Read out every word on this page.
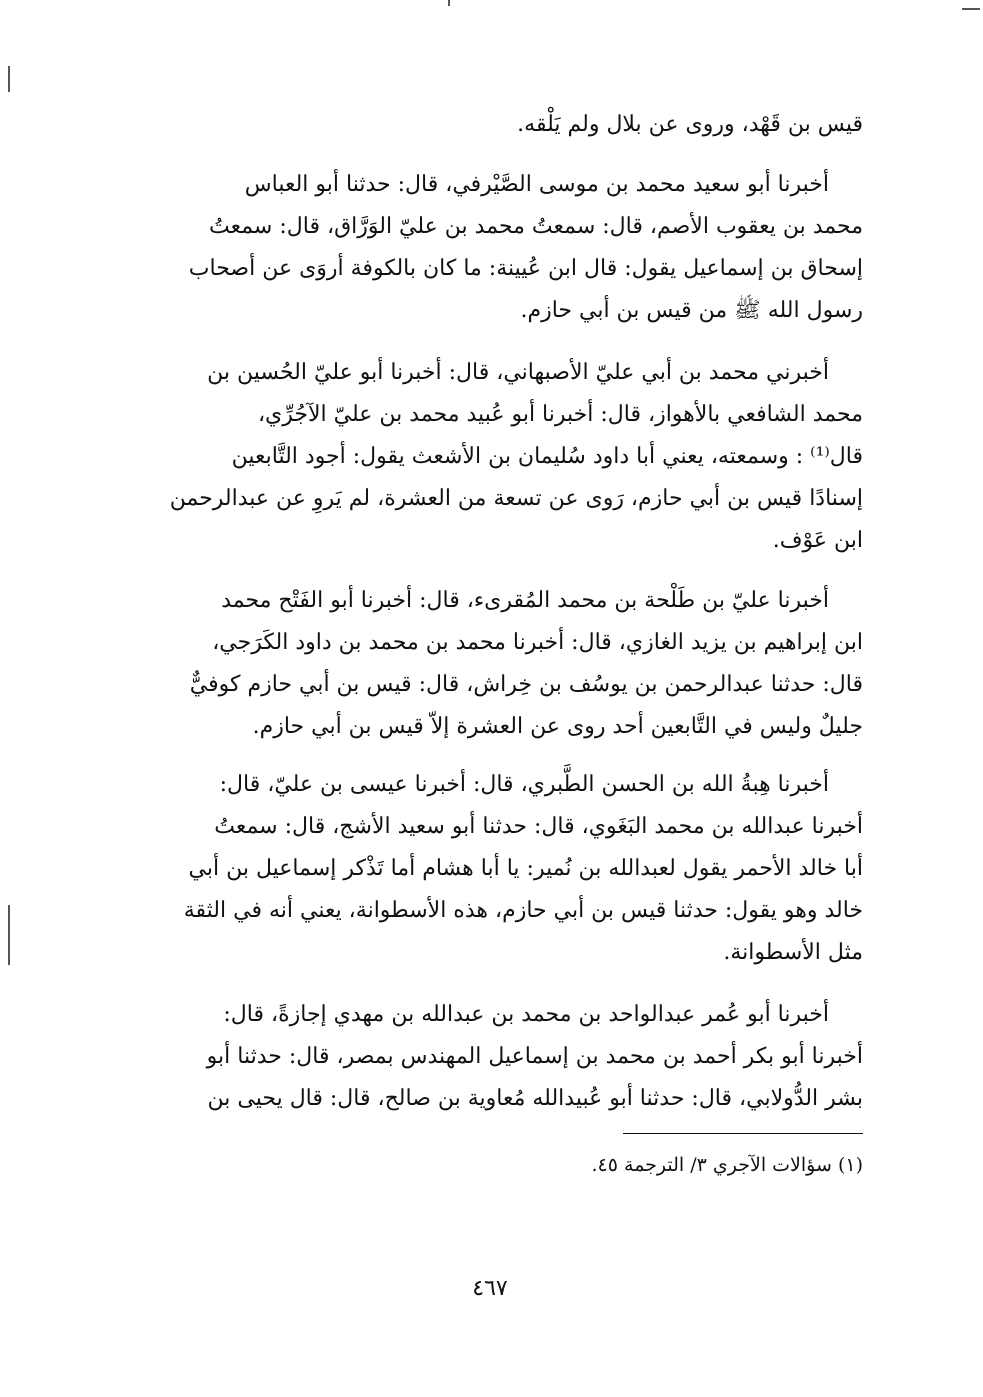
قيس بن قَهْد، وروى عن بلال ولم يَلْقه.
أخبرنا أبو سعيد محمد بن موسى الصَّيْرفي، قال: حدثنا أبو العباس
محمد بن يعقوب الأصم، قال: سمعتُ محمد بن عليّ الوَرَّاق، قال: سمعتُ
إسحاق بن إسماعيل يقول: قال ابن عُيينة: ما كان بالكوفة أروَى عن أصحاب
رسول الله ﷺ من قيس بن أبي حازم.
أخبرني محمد بن أبي عليّ الأصبهاني، قال: أخبرنا أبو عليّ الحُسين بن
محمد الشافعي بالأهواز، قال: أخبرنا أبو عُبيد محمد بن عليّ الآجُرِّي،
قال⁽¹⁾ : وسمعته، يعني أبا داود سُليمان بن الأشعث يقول: أجود التَّابعين
إسنادًا قيس بن أبي حازم، رَوى عن تسعة من العشرة، لم يَروِ عن عبدالرحمن
ابن عَوْف.
أخبرنا عليّ بن طَلْحة بن محمد المُقرىء، قال: أخبرنا أبو الفَتْح محمد
ابن إبراهيم بن يزيد الغازي، قال: أخبرنا محمد بن محمد بن داود الكَرَجي،
قال: حدثنا عبدالرحمن بن يوسُف بن خِراش، قال: قيس بن أبي حازم كوفيٌّ
جليلٌ وليس في التَّابعين أحد روى عن العشرة إلاّ قيس بن أبي حازم.
أخبرنا هِبةُ الله بن الحسن الطَّبري، قال: أخبرنا عيسى بن عليّ، قال:
أخبرنا عبدالله بن محمد البَغَوي، قال: حدثنا أبو سعيد الأشج، قال: سمعتُ
أبا خالد الأحمر يقول لعبدالله بن نُمير: يا أبا هشام أما تَذْكر إسماعيل بن أبي
خالد وهو يقول: حدثنا قيس بن أبي حازم، هذه الأسطوانة، يعني أنه في الثقة
مثل الأسطوانة.
أخبرنا أبو عُمر عبدالواحد بن محمد بن عبدالله بن مهدي إجازةً، قال:
أخبرنا أبو بكر أحمد بن محمد بن إسماعيل المهندس بمصر، قال: حدثنا أبو
بشر الدُّولابي، قال: حدثنا أبو عُبيدالله مُعاوية بن صالح، قال: قال يحيى بن
(١) سؤالات الآجري ٣/ الترجمة ٤٥.
٤٦٧
